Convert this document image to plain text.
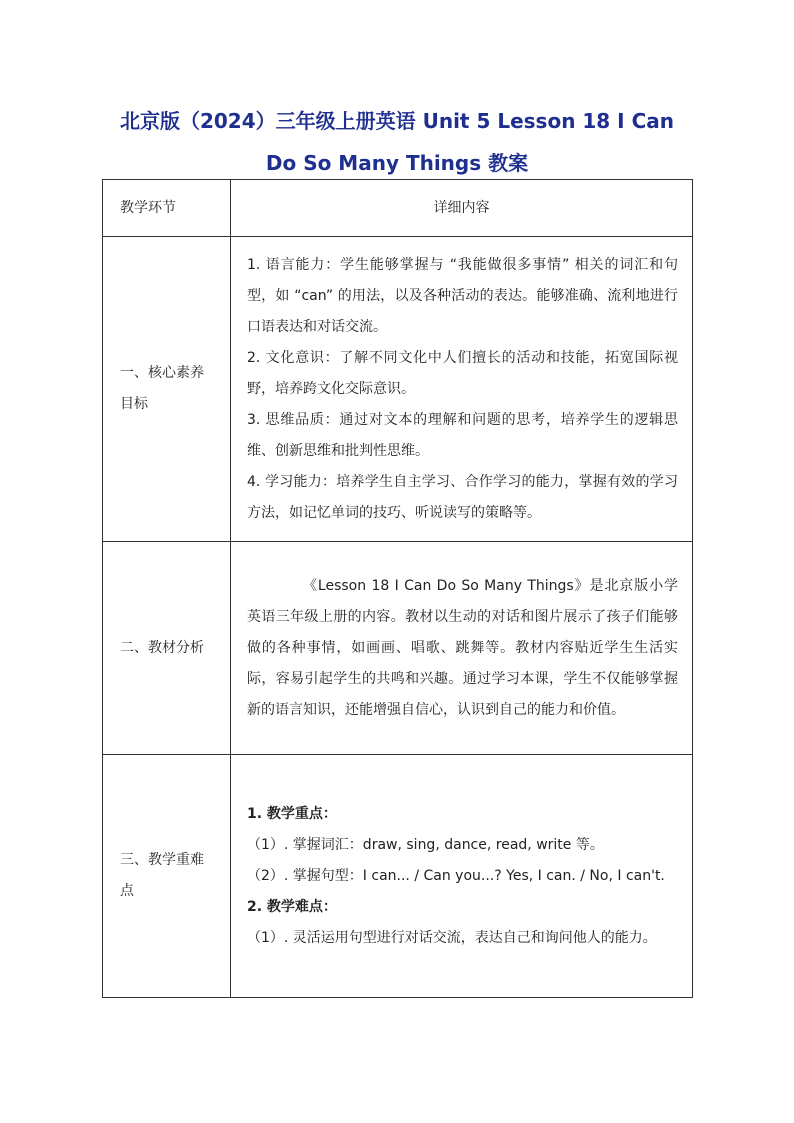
北京版（2024）三年级上册英语 Unit 5 Lesson 18 I Can
Do So Many Things 教案
教学环节	详细内容
一、核心素养目标	1. 语言能力：学生能够掌握与 “我能做很多事情” 相关的词汇和句型，如 “can” 的用法，以及各种活动的表达。能够准确、流利地进行口语表达和对话交流。
2. 文化意识：了解不同文化中人们擅长的活动和技能，拓宽国际视野，培养跨文化交际意识。
3. 思维品质：通过对文本的理解和问题的思考，培养学生的逻辑思维、创新思维和批判性思维。
4. 学习能力：培养学生自主学习、合作学习的能力，掌握有效的学习方法，如记忆单词的技巧、听说读写的策略等。

二、教材分析	《Lesson 18 I Can Do So Many Things》是北京版小学英语三年级上册的内容。教材以生动的对话和图片展示了孩子们能够做的各种事情，如画画、唱歌、跳舞等。教材内容贴近学生生活实际，容易引起学生的共鸣和兴趣。通过学习本课，学生不仅能够掌握新的语言知识，还能增强自信心，认识到自己的能力和价值。

三、教学重难点	1. 教学重点：
（1）. 掌握词汇：draw, sing, dance, read, write 等。
（2）. 掌握句型：I can... / Can you...? Yes, I can. / No, I can't.
2. 教学难点：
（1）. 灵活运用句型进行对话交流，表达自己和询问他人的能力。
